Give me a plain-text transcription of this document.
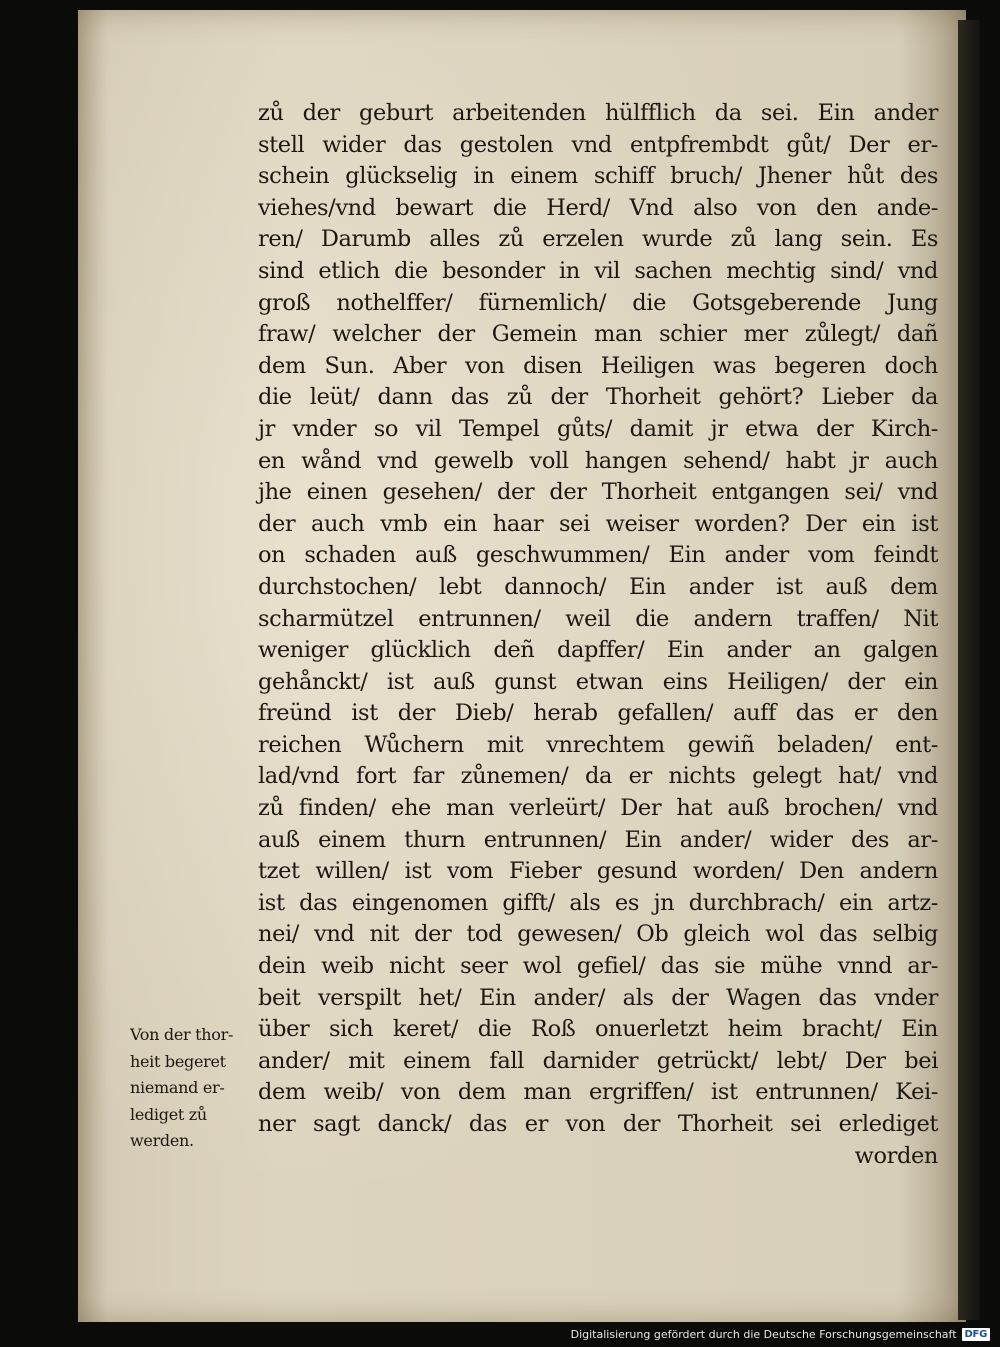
zů der geburt arbeitenden hülfflich da sei. Ein ander
stell wider das gestolen vnd entpfrembdt gůt/ Der er-
schein glückselig in einem schiff bruch/ Jhener hůt des
viehes/vnd bewart die Herd/ Vnd also von den ande-
ren/ Darumb alles zů erzelen wurde zů lang sein. Es
sind etlich die besonder in vil sachen mechtig sind/ vnd
groß nothelffer/ fürnemlich/ die Gotsgeberende Jung
fraw/ welcher der Gemein man schier mer zůlegt/ dañ
dem Sun. Aber von disen Heiligen was begeren doch
die leüt/ dann das zů der Thorheit gehört? Lieber da
jr vnder so vil Tempel gůts/ damit jr etwa der Kirch-
en wånd vnd gewelb voll hangen sehend/ habt jr auch
jhe einen gesehen/ der der Thorheit entgangen sei/ vnd
der auch vmb ein haar sei weiser worden? Der ein ist
on schaden auß geschwummen/ Ein ander vom feindt
durchstochen/ lebt dannoch/ Ein ander ist auß dem
scharmützel entrunnen/ weil die andern traffen/ Nit
weniger glücklich deñ dapffer/ Ein ander an galgen
gehånckt/ ist auß gunst etwan eins Heiligen/ der ein
freünd ist der Dieb/ herab gefallen/ auff das er den
reichen Wůchern mit vnrechtem gewiñ beladen/ ent-
lad/vnd fort far zůnemen/ da er nichts gelegt hat/ vnd
zů finden/ ehe man verleürt/ Der hat auß brochen/ vnd
auß einem thurn entrunnen/ Ein ander/ wider des ar-
tzet willen/ ist vom Fieber gesund worden/ Den andern
ist das eingenomen gifft/ als es jn durchbrach/ ein artz-
nei/ vnd nit der tod gewesen/ Ob gleich wol das selbig
dein weib nicht seer wol gefiel/ das sie mühe vnnd ar-
beit verspilt het/ Ein ander/ als der Wagen das vnder
über sich keret/ die Roß onuerletzt heim bracht/ Ein
ander/ mit einem fall darnider getrückt/ lebt/ Der bei
dem weib/ von dem man ergriffen/ ist entrunnen/ Kei-
ner sagt danck/ das er von der Thorheit sei erlediget
worden
Von der thor-
heit begeret
niemand er-
lediget zů
werden.
Digitalisierung gefördert durch die Deutsche Forschungsgemeinschaft DFG
